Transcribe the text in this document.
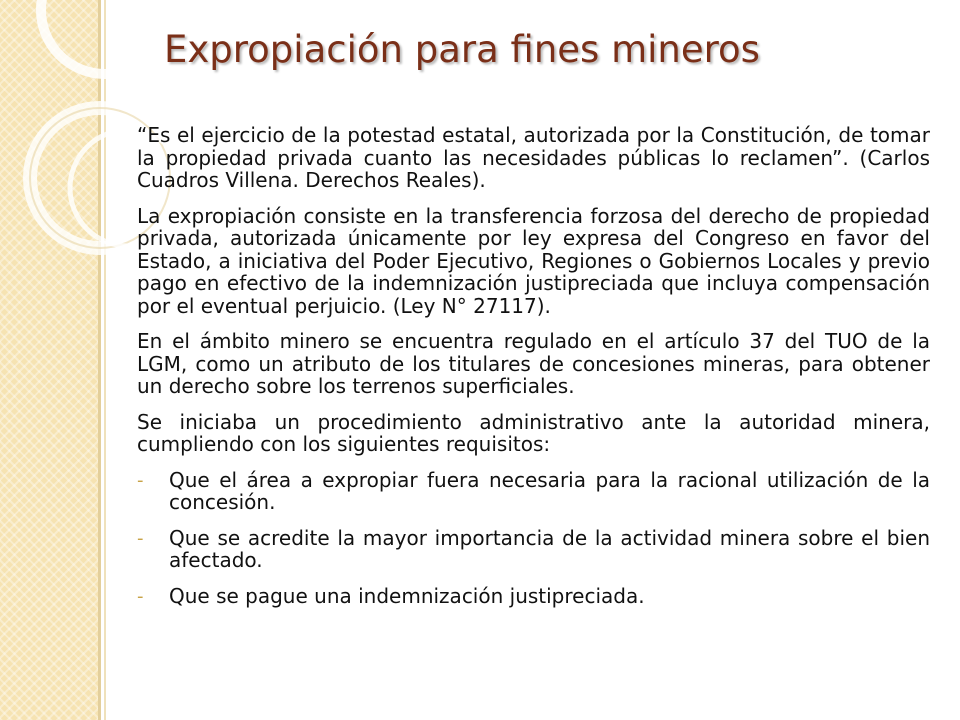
Expropiación para fines mineros

“Es el ejercicio de la potestad estatal, autorizada por la Constitución, de tomar la propiedad privada cuanto las necesidades públicas lo reclamen”. (Carlos Cuadros Villena. Derechos Reales).

La expropiación consiste en la transferencia forzosa del derecho de propiedad privada, autorizada únicamente por ley expresa del Congreso en favor del Estado, a iniciativa del Poder Ejecutivo, Regiones o Gobiernos Locales y previo pago en efectivo de la indemnización justipreciada que incluya compensación por el eventual perjuicio. (Ley N° 27117).

En el ámbito minero se encuentra regulado en el artículo 37 del TUO de la LGM, como un atributo de los titulares de concesiones mineras, para obtener un derecho sobre los terrenos superficiales.

Se iniciaba un procedimiento administrativo ante la autoridad minera, cumpliendo con los siguientes requisitos:

- Que el área a expropiar fuera necesaria para la racional utilización de la concesión.
- Que se acredite la mayor importancia de la actividad minera sobre el bien afectado.
- Que se pague una indemnización justipreciada.
